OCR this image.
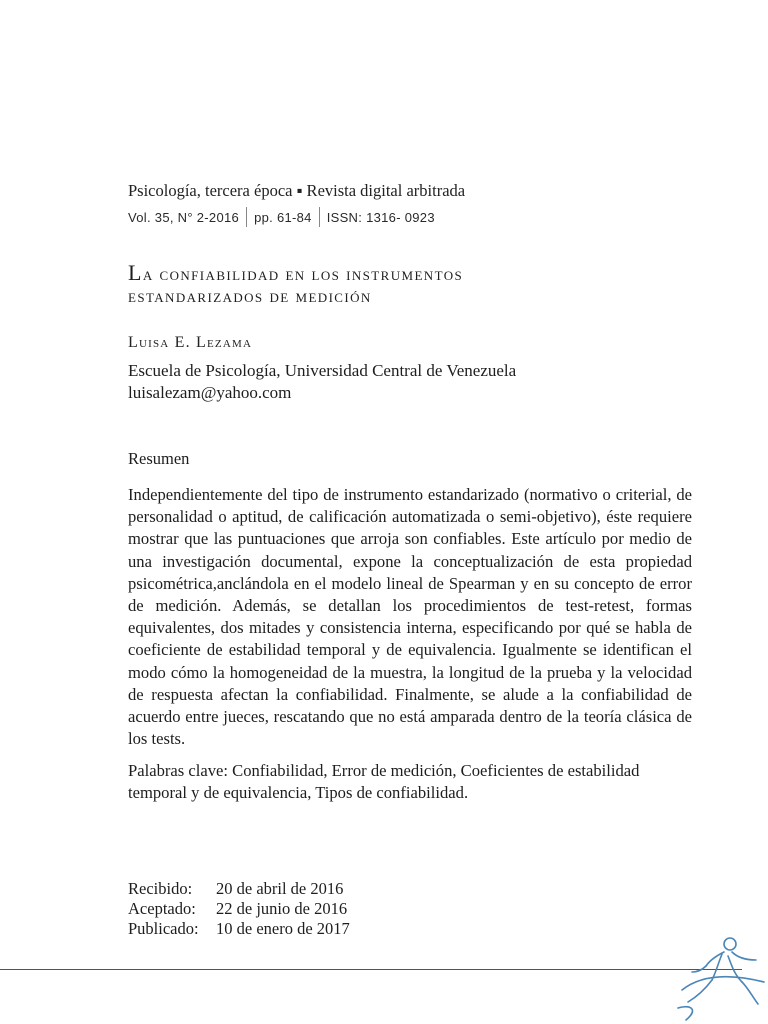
Psicología, tercera época ▪ Revista digital arbitrada
Vol. 35, N° 2-2016 pp. 61-84 ISSN: 1316- 0923
La confiabilidad en los instrumentos
estandarizados de medición
Luisa E. Lezama
Escuela de Psicología, Universidad Central de Venezuela
luisalezam@yahoo.com
Resumen

Independientemente del tipo de instrumento estandarizado (normativo o criterial, de personalidad o aptitud, de calificación automatizada o semi-objetivo), éste requiere mostrar que las puntuaciones que arroja son confiables. Este artículo por medio de una investigación documental, expone la conceptualización de esta propiedad psicométrica,anclándola en el modelo lineal de Spearman y en su concepto de error de medición. Además, se detallan los procedimientos de test-retest, formas equivalentes, dos mitades y consistencia interna, especificando por qué se habla de coeficiente de estabilidad temporal y de equivalencia. Igualmente se identifican el modo cómo la homogeneidad de la muestra, la longitud de la prueba y la velocidad de respuesta afectan la confiabilidad. Finalmente, se alude a la confiabilidad de acuerdo entre jueces, rescatando que no está amparada dentro de la teoría clásica de los tests.

Palabras clave: Confiabilidad, Error de medición, Coeficientes de estabilidad temporal y de equivalencia, Tipos de confiabilidad.

Recibido:	20 de abril de 2016
Aceptado:	22 de junio de 2016
Publicado:	10 de enero de 2017
